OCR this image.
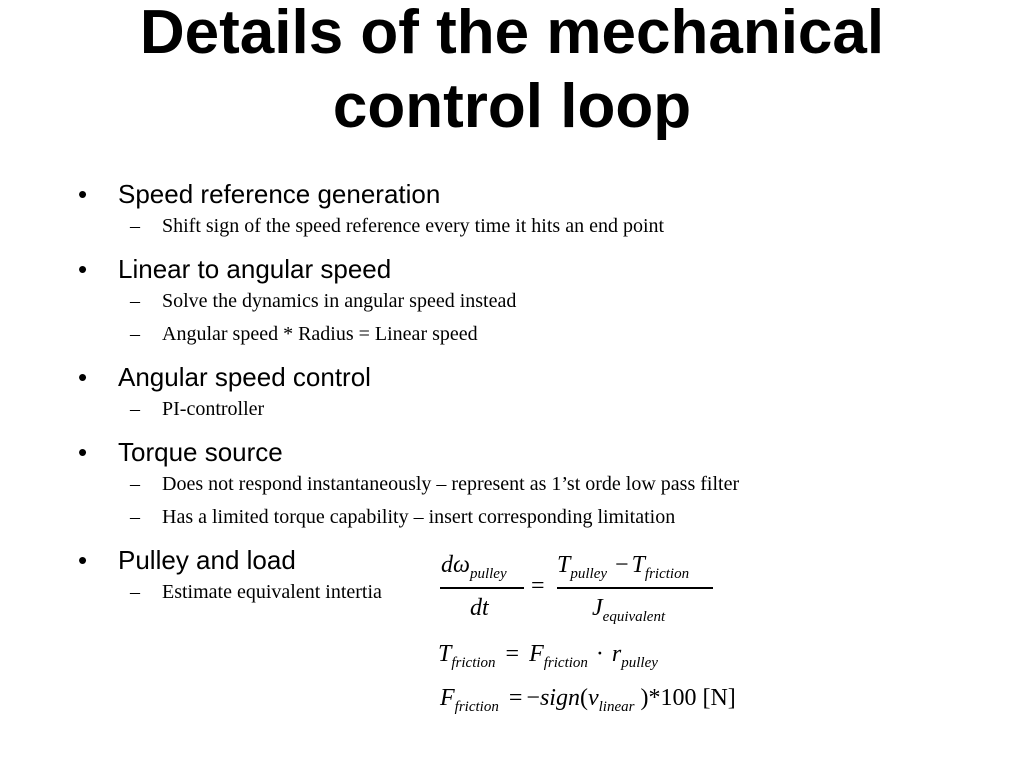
Details of the mechanical
control loop
•	Speed reference generation
– Shift sign of the speed reference every time it hits an end point
•	Linear to angular speed
– Solve the dynamics in angular speed instead
– Angular speed * Radius = Linear speed
•	Angular speed control
– PI-controller
•	Torque source
– Does not respond instantaneously – represent as 1’st orde low pass filter
– Has a limited torque capability – insert corresponding limitation
•	Pulley and load
– Estimate equivalent intertia
$d\omega_{pulley}$
dt
=
$T_{pulley} - T_{friction}$
$J_{equivalent}$
$T_{friction} = F_{friction} \cdot r_{pulley}$
$F_{friction}$ = $-sign(v_{linear}$ )*100 [N]
